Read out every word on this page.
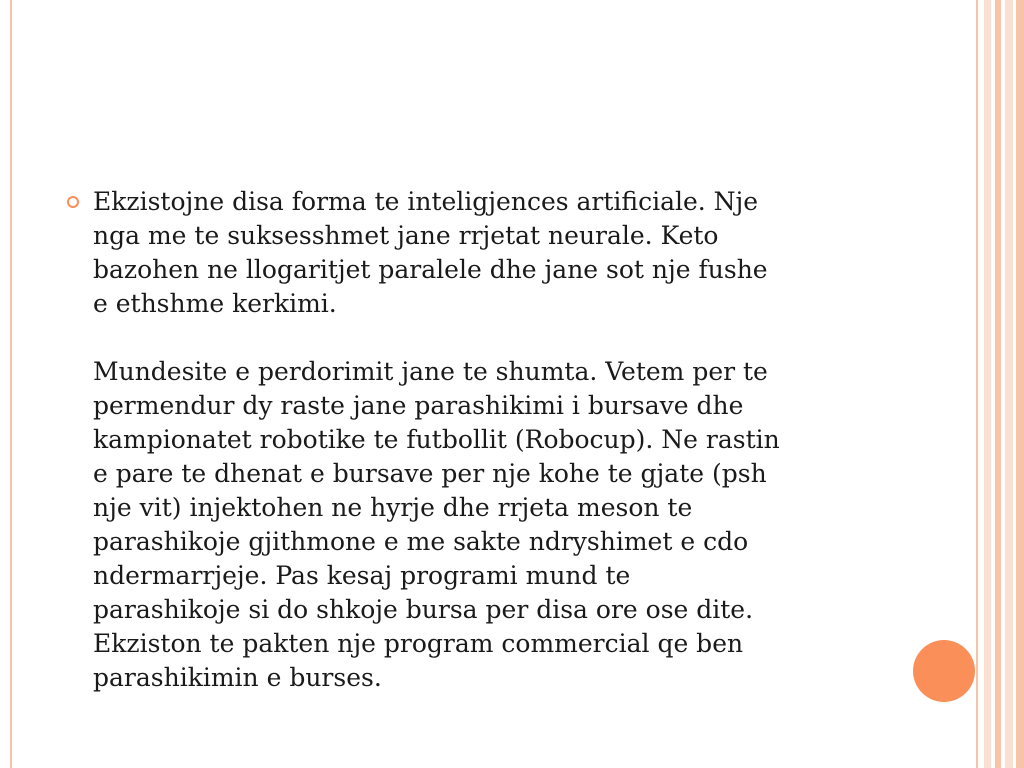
Ekzistojne disa forma te inteligjences artificiale. Nje
nga me te suksesshmet jane rrjetat neurale. Keto
bazohen ne llogaritjet paralele dhe jane sot nje fushe
e ethshme kerkimi.

Mundesite e perdorimit jane te shumta. Vetem per te
permendur dy raste jane parashikimi i bursave dhe
kampionatet robotike te futbollit (Robocup). Ne rastin
e pare te dhenat e bursave per nje kohe te gjate (psh
nje vit) injektohen ne hyrje dhe rrjeta meson te
parashikoje gjithmone e me sakte ndryshimet e cdo
ndermarrjeje. Pas kesaj programi mund te
parashikoje si do shkoje bursa per disa ore ose dite.
Ekziston te pakten nje program commercial qe ben
parashikimin e burses.
